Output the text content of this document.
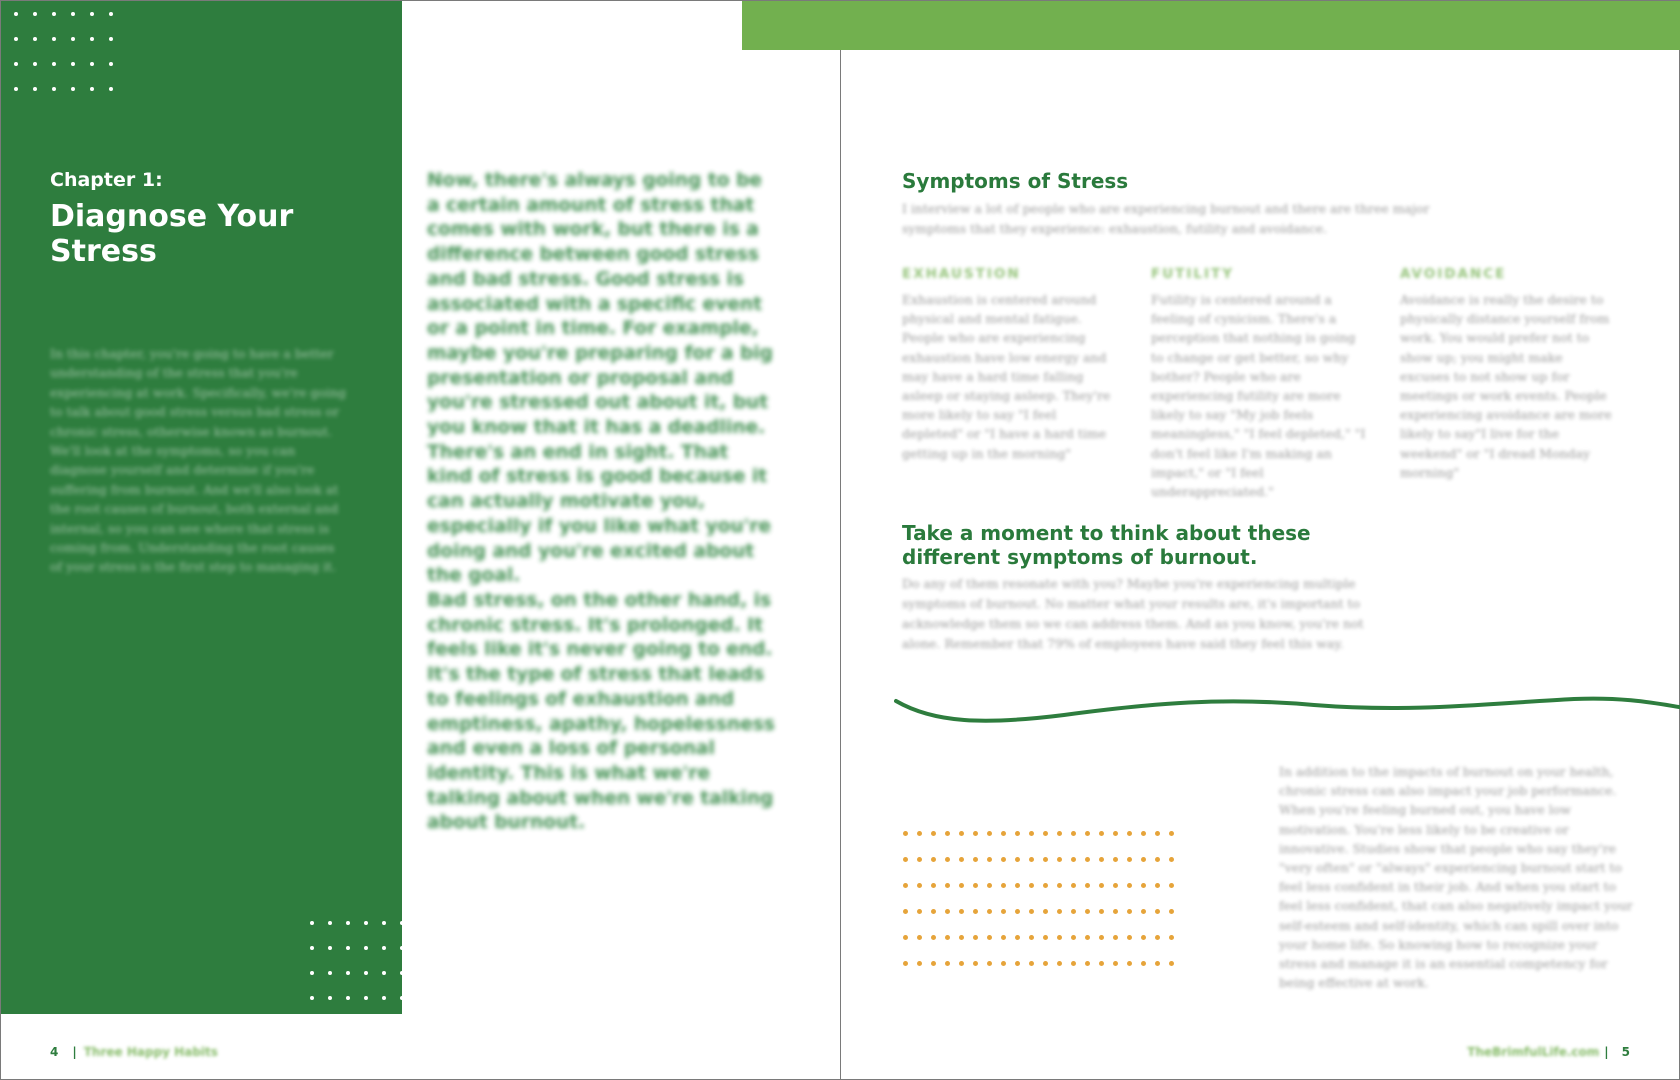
Chapter 1:
Diagnose Your Stress
In this chapter, you're going to have a better understanding of the stress that you're experiencing at work. Specifically, we're going to talk about good stress versus bad stress or chronic stress, otherwise known as burnout. We'll look at the symptoms, so you can diagnose yourself and determine if you're suffering from burnout. And we'll also look at the root causes of burnout, both external and internal, so you can see where that stress is coming from. Understanding the root causes of your stress is the first step to managing it.
Now, there's always going to be a certain amount of stress that comes with work, but there is a difference between good stress and bad stress. Good stress is associated with a specific event or a point in time. For example, maybe you're preparing for a big presentation or proposal and you're stressed out about it, but you know that it has a deadline. There's an end in sight. That kind of stress is good because it can actually motivate you, especially if you like what you're doing and you're excited about the goal.
Bad stress, on the other hand, is chronic stress. It's prolonged. It feels like it's never going to end. It's the type of stress that leads to feelings of exhaustion and emptiness, apathy, hopelessness and even a loss of personal identity. This is what we're talking about when we're talking about burnout.
4 | Three Happy Habits
Symptoms of Stress
I interview a lot of people who are experiencing burnout and there are three major symptoms that they experience: exhaustion, futility and avoidance.
EXHAUSTION

Exhaustion is centered around physical and mental fatigue. People who are experiencing exhaustion have low energy and may have a hard time falling asleep or staying asleep. They're more likely to say "I feel depleted" or "I have a hard time getting up in the morning"

FUTILITY

Futility is centered around a feeling of cynicism. There's a perception that nothing is going to change or get better, so why bother? People who are experiencing futility are more likely to say "My job feels meaningless," "I feel depleted," "I don't feel like I'm making an impact," or "I feel underappreciated."

AVOIDANCE

Avoidance is really the desire to physically distance yourself from work. You would prefer not to show up; you might make excuses to not show up for meetings or work events. People experiencing avoidance are more likely to say"I live for the weekend" or "I dread Monday morning"

Take a moment to think about these different symptoms of burnout.
Do any of them resonate with you? Maybe you're experiencing multiple symptoms of burnout. No matter what your results are, it's important to acknowledge them so we can address them. And as you know, you're not alone. Remember that 79% of employees have said they feel this way.
In addition to the impacts of burnout on your health, chronic stress can also impact your job performance. When you're feeling burned out, you have low motivation. You're less likely to be creative or innovative. Studies show that people who say they're "very often" or "always" experiencing burnout start to feel less confident in their job. And when you start to feel less confident, that can also negatively impact your self-esteem and self-identity, which can spill over into your home life. So knowing how to recognize your stress and manage it is an essential competency for being effective at work.
TheBrimfulLife.com | 5
